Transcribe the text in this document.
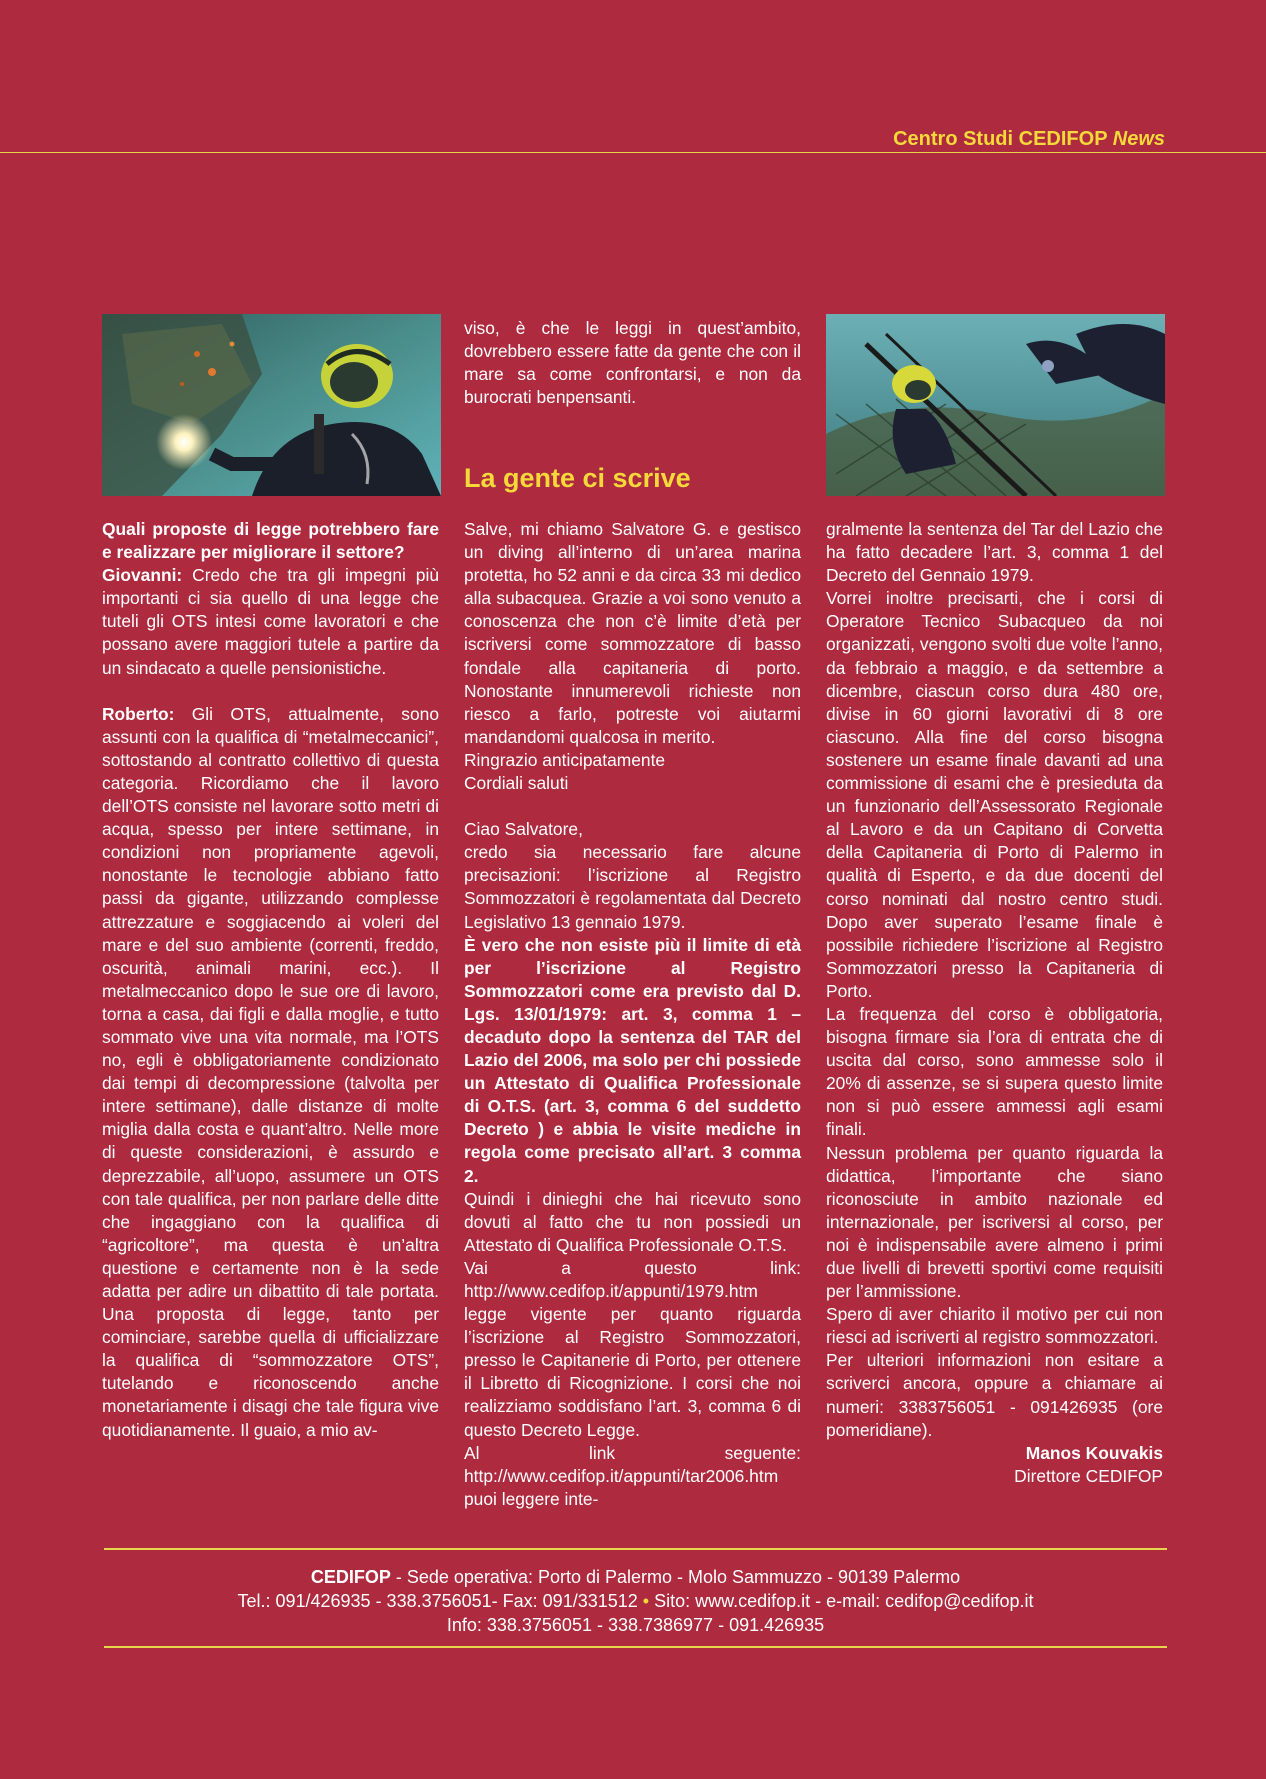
Centro Studi CEDIFOP News

Quali proposte di legge potrebbero fare e realizzare per migliorare il settore?

Giovanni: Credo che tra gli impegni più importanti ci sia quello di una legge che tuteli gli OTS intesi come lavoratori e che possano avere maggiori tutele a partire da un sindacato a quelle pensionistiche.

Roberto: Gli OTS, attualmente, sono assunti con la qualifica di “metalmeccanici”, sottostando al contratto collettivo di questa categoria. Ricordiamo che il lavoro dell’OTS consiste nel lavorare sotto metri di acqua, spesso per intere settimane, in condizioni non propriamente agevoli, nonostante le tecnologie abbiano fatto passi da gigante, utilizzando complesse attrezzature e soggiacendo ai voleri del mare e del suo ambiente (correnti, freddo, oscurità, animali marini, ecc.). Il metalmeccanico dopo le sue ore di lavoro, torna a casa, dai figli e dalla moglie, e tutto sommato vive una vita normale, ma l’OTS no, egli è obbligatoriamente condizionato dai tempi di decompressione (talvolta per intere settimane), dalle distanze di molte miglia dalla costa e quant’altro. Nelle more di queste considerazioni, è assurdo e deprezzabile, all’uopo, assumere un OTS con tale qualifica, per non parlare delle ditte che ingaggiano con la qualifica di “agricoltore”, ma questa è un’altra questione e certamente non è la sede adatta per adire un dibattito di tale portata. Una proposta di legge, tanto per cominciare, sarebbe quella di ufficializzare la qualifica di “sommozzatore OTS”, tutelando e riconoscendo anche monetariamente i disagi che tale figura vive quotidianamente. Il guaio, a mio av-

viso, è che le leggi in quest’ambito, dovrebbero essere fatte da gente che con il mare sa come confrontarsi, e non da burocrati benpensanti.

La gente ci scrive

Salve, mi chiamo Salvatore G. e gestisco un diving all’interno di un’area marina protetta, ho 52 anni e da circa 33 mi dedico alla subacquea. Grazie a voi sono venuto a conoscenza che non c’è limite d’età per iscriversi come sommozzatore di basso fondale alla capitaneria di porto. Nonostante innumerevoli richieste non riesco a farlo, potreste voi aiutarmi mandandomi qualcosa in merito.

Ringrazio anticipatamente

Cordiali saluti

Ciao Salvatore,

credo sia necessario fare alcune precisazioni: l’iscrizione al Registro Sommozzatori è regolamentata dal Decreto Legislativo 13 gennaio 1979.

È vero che non esiste più il limite di età per l’iscrizione al Registro Sommozzatori come era previsto dal D. Lgs. 13/01/1979: art. 3, comma 1 – decaduto dopo la sentenza del TAR del Lazio del 2006, ma solo per chi possiede un Attestato di Qualifica Professionale di O.T.S. (art. 3, comma 6 del suddetto Decreto ) e abbia le visite mediche in regola come precisato all’art. 3 comma 2.

Quindi i dinieghi che hai ricevuto sono dovuti al fatto che tu non possiedi un Attestato di Qualifica Professionale O.T.S.

Vai a questo link: http://www.cedifop.it/appunti/1979.htm legge vigente per quanto riguarda l’iscrizione al Registro Sommozzatori, presso le Capitanerie di Porto, per ottenere il Libretto di Ricognizione. I corsi che noi realizziamo soddisfano l’art. 3, comma 6 di questo Decreto Legge.

Al link seguente: http://www.cedifop.it/appunti/tar2006.htm puoi leggere inte-

gralmente la sentenza del Tar del Lazio che ha fatto decadere l’art. 3, comma 1 del Decreto del Gennaio 1979.

Vorrei inoltre precisarti, che i corsi di Operatore Tecnico Subacqueo da noi organizzati, vengono svolti due volte l’anno, da febbraio a maggio, e da settembre a dicembre, ciascun corso dura 480 ore, divise in 60 giorni lavorativi di 8 ore ciascuno. Alla fine del corso bisogna sostenere un esame finale davanti ad una commissione di esami che è presieduta da un funzionario dell’Assessorato Regionale al Lavoro e da un Capitano di Corvetta della Capitaneria di Porto di Palermo in qualità di Esperto, e da due docenti del corso nominati dal nostro centro studi. Dopo aver superato l’esame finale è possibile richiedere l’iscrizione al Registro Sommozzatori presso la Capitaneria di Porto.

La frequenza del corso è obbligatoria, bisogna firmare sia l’ora di entrata che di uscita dal corso, sono ammesse solo il 20% di assenze, se si supera questo limite non si può essere ammessi agli esami finali.

Nessun problema per quanto riguarda la didattica, l’importante che siano riconosciute in ambito nazionale ed internazionale, per iscriversi al corso, per noi è indispensabile avere almeno i primi due livelli di brevetti sportivi come requisiti per l’ammissione.

Spero di aver chiarito il motivo per cui non riesci ad iscriverti al registro sommozzatori.

Per ulteriori informazioni non esitare a scriverci ancora, oppure a chiamare ai numeri: 3383756051 - 091426935 (ore pomeridiane).

Manos Kouvakis

Direttore CEDIFOP

CEDIFOP - Sede operativa: Porto di Palermo - Molo Sammuzzo - 90139 Palermo
Tel.: 091/426935 - 338.3756051- Fax: 091/331512 • Sito: www.cedifop.it - e-mail: cedifop@cedifop.it
Info: 338.3756051 - 338.7386977 - 091.426935
